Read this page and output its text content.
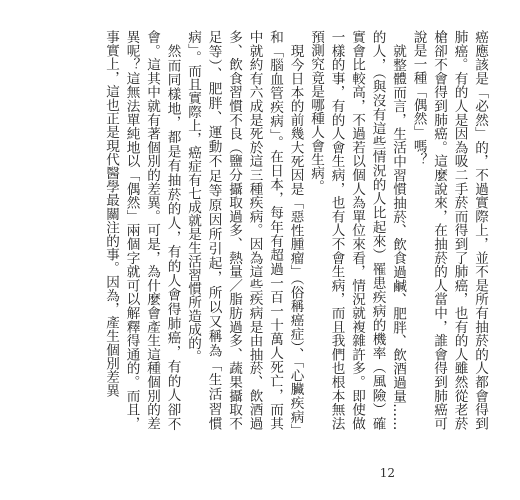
癌應該是「必然」的，不過實際上，並不是所有抽菸的人都會得到肺癌。有的人是因為吸二手菸而得到了肺癌，也有的人雖然從老菸槍卻不會得到肺癌。這麼說來，在抽菸的人當中，誰會得到肺癌可說是一種「偶然」嗎？

就整體而言，生活中習慣抽菸、飲食過鹹、肥胖、飲酒過量……的人，（與沒有這些情況的人比起來）罹患疾病的機率（風險）確實會比較高，不過若以個人為單位來看，情況就複雜許多。即使做一樣的事，有的人會生病，也有人不會生病，而且我們也根本無法預測究竟是哪種人會生病。

現今日本的前幾大死因是「惡性腫瘤」（俗稱癌症）、「心臟疾病」和「腦血管疾病」。在日本，每年有超過一百一十萬人死亡，而其中就約有六成是死於這三種疾病。因為這些疾病是由抽菸、飲酒過多、飲食習慣不良（鹽分攝取過多、熱量／脂肪過多、蔬果攝取不足等）、肥胖、運動不足等原因所引起，所以又稱為「生活習慣病」。而且實際上，癌症有七成就是生活習慣所造成的。

然而同樣地，都是有抽菸的人，有的人會得肺癌，有的人卻不會。這其中就有著個別的差異。可是，為什麼會產生這種個別的差異呢？這無法單純地以「偶然」兩個字就可以解釋得通的。而且，事實上，這也正是現代醫學最關注的事。因為，產生個別差異

12
